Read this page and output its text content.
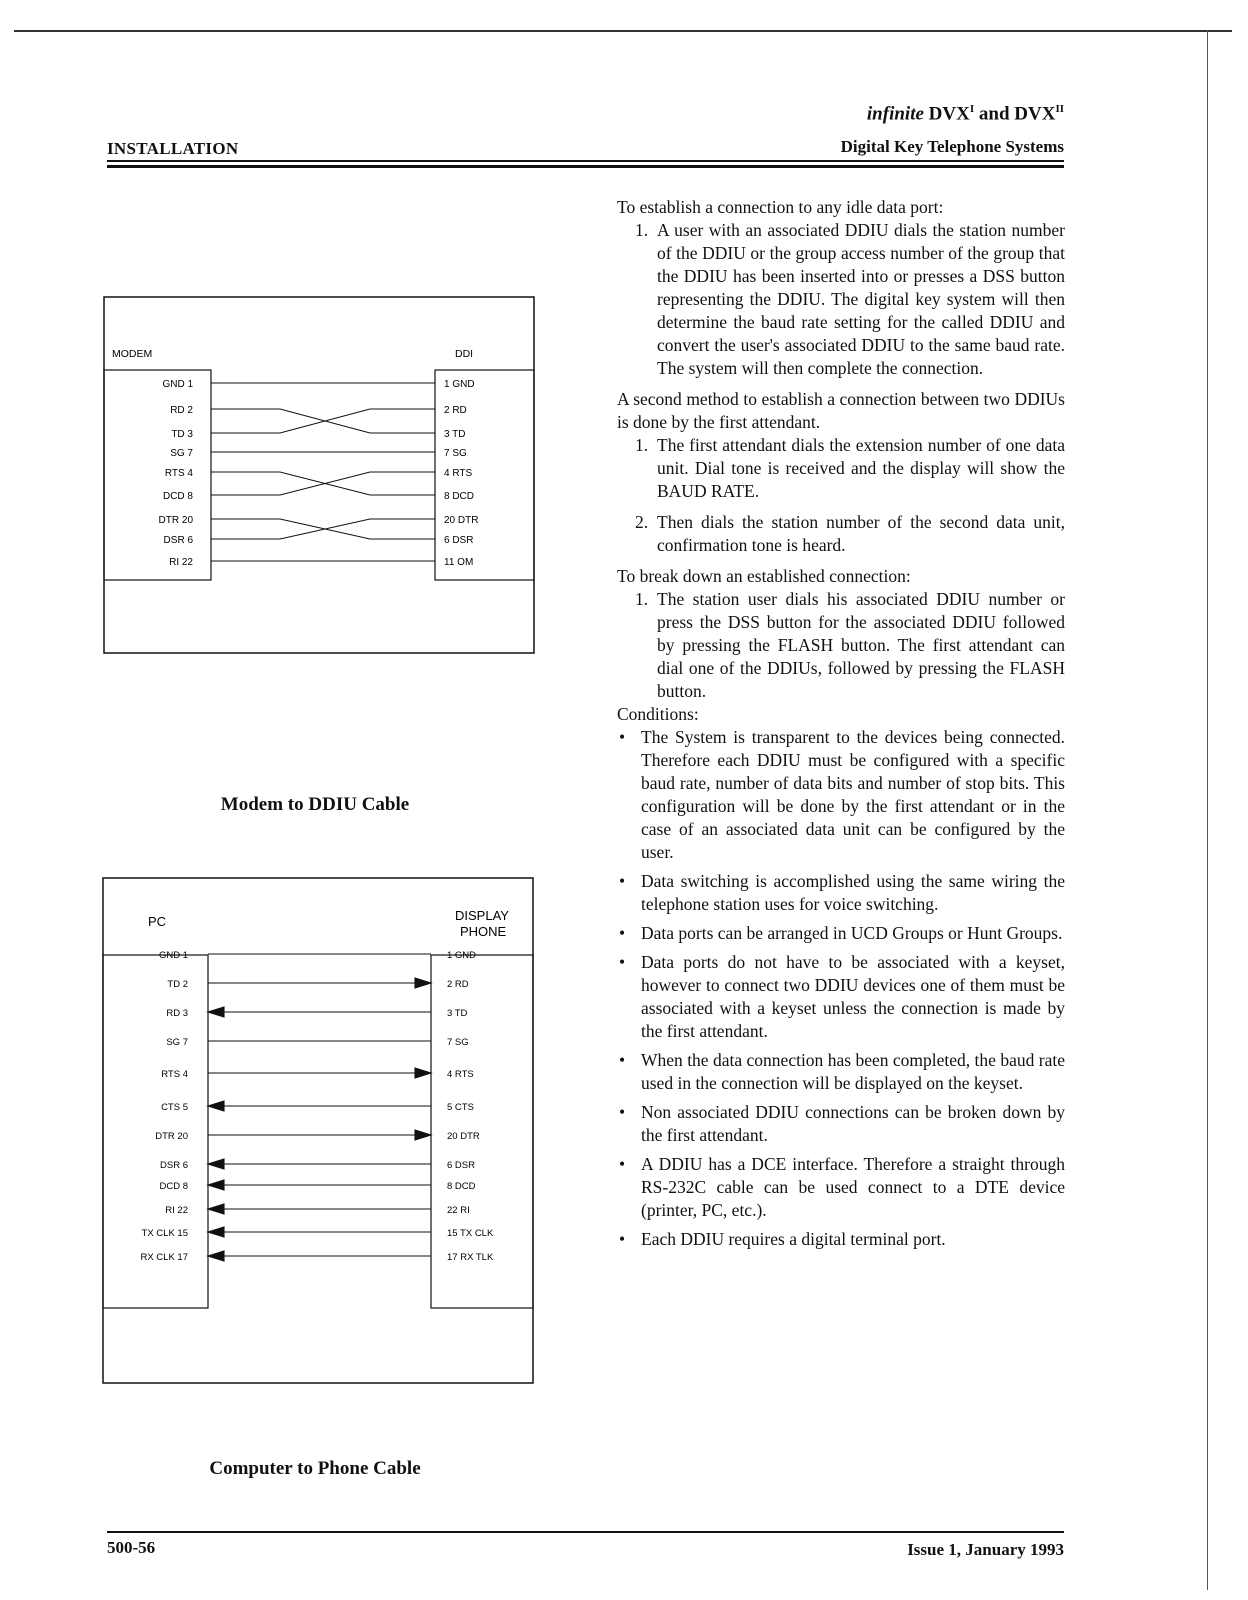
infinite $DVX^I$ and $DVX^{II}$
INSTALLATION	Digital Key Telephone Systems
MODEM	DDI
GND 1
RD 2
TD 3
SG 7
RTS 4
DCD 8
DTR 20
DSR 6
RI 22
1 GND
2 RD
3 TD
7 SG
4 RTS
8 DCD
20 DTR
6 DSR
11 OM
Modem to DDIU Cable
PC	DISPLAY
PHONE
GND 1
TD 2
RD 3
SG 7
RTS 4
CTS 5
DTR 20
DSR 6
DCD 8
RI 22
TX CLK 15
RX CLK 17
1 GND
2 RD
3 TD
7 SG
4 RTS
5 CTS
20 DTR
6 DSR
8 DCD
22 RI
15 TX CLK
17 RX TLK
Computer to Phone Cable

To establish a connection to any idle data port:

1. A user with an associated DDIU dials the station number of the DDIU or the group access number of the group that the DDIU has been inserted into or presses a DSS button representing the DDIU. The digital key system will then determine the baud rate setting for the called DDIU and convert the user's associated DDIU to the same baud rate. The system will then complete the connection.

A second method to establish a connection between two DDIUs is done by the first attendant.

1. The first attendant dials the extension number of one data unit. Dial tone is received and the display will show the BAUD RATE.
2. Then dials the station number of the second data unit, confirmation tone is heard.

To break down an established connection:

1. The station user dials his associated DDIU number or press the DSS button for the associated DDIU followed by pressing the FLASH button. The first attendant can dial one of the DDIUs, followed by pressing the FLASH button.

Conditions:

• The System is transparent to the devices being connected. Therefore each DDIU must be configured with a specific baud rate, number of data bits and number of stop bits. This configuration will be done by the first attendant or in the case of an associated data unit can be configured by the user.
• Data switching is accomplished using the same wiring the telephone station uses for voice switching.
• Data ports can be arranged in UCD Groups or Hunt Groups.
• Data ports do not have to be associated with a keyset, however to connect two DDIU devices one of them must be associated with a keyset unless the connection is made by the first attendant.
• When the data connection has been completed, the baud rate used in the connection will be displayed on the keyset.
• Non associated DDIU connections can be broken down by the first attendant.
• A DDIU has a DCE interface. Therefore a straight through RS-232C cable can be used connect to a DTE device (printer, PC, etc.).
• Each DDIU requires a digital terminal port.
500-56	Issue 1, January 1993
